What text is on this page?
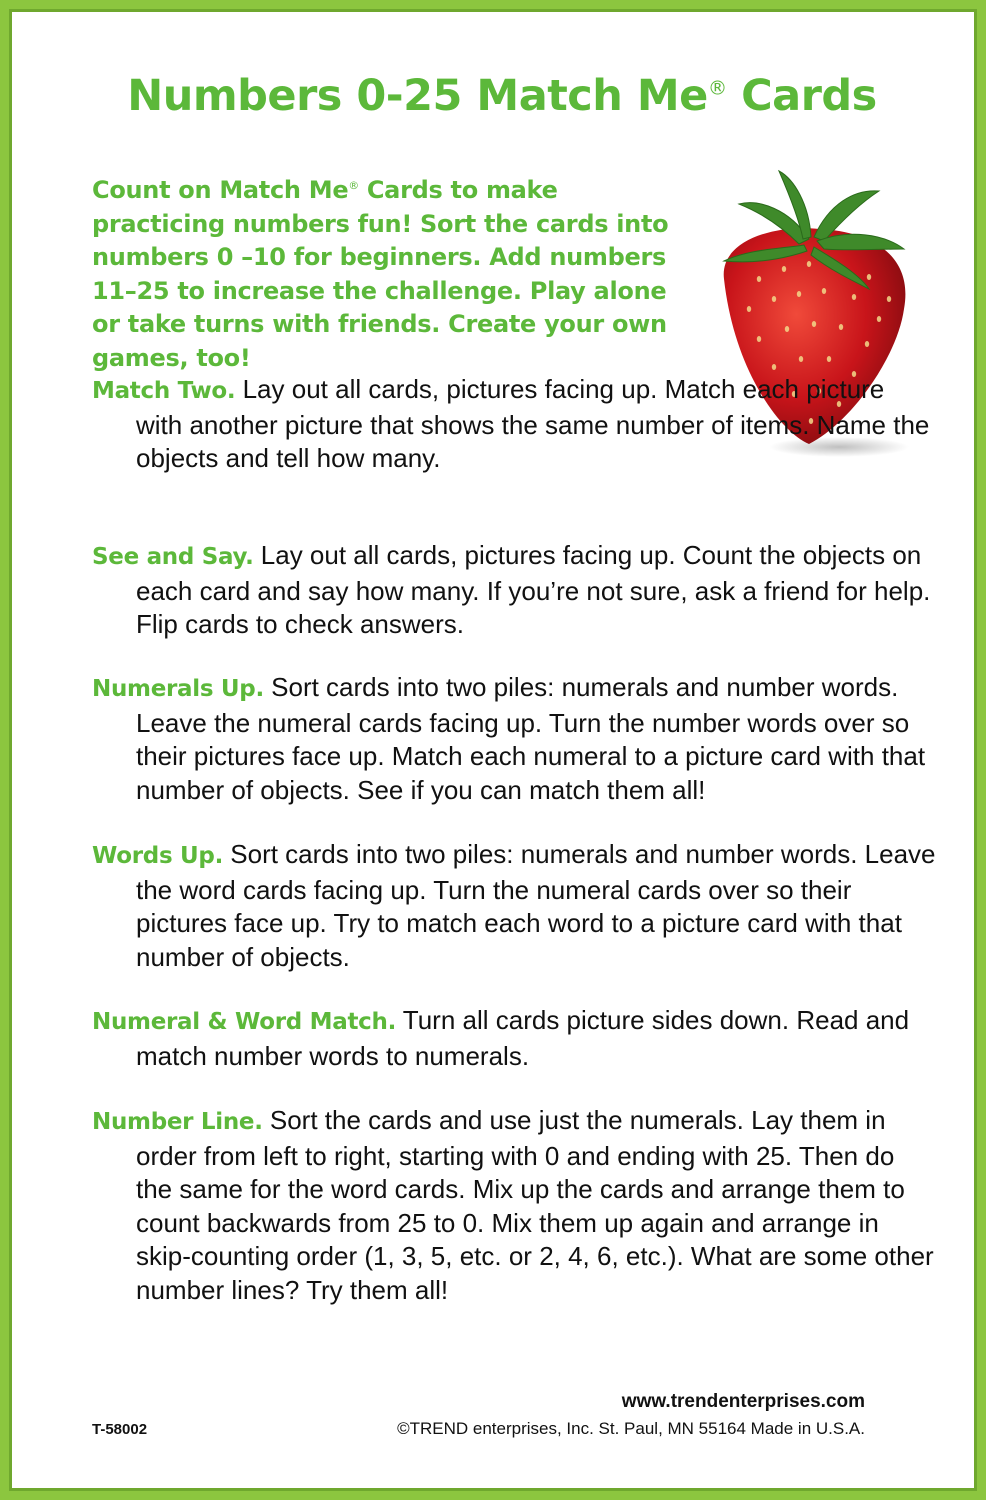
Numbers 0-25 Match Me® Cards

Count on Match Me® Cards to make practicing numbers fun! Sort the cards into numbers 0 –10 for beginners. Add numbers 11–25 to increase the challenge. Play alone or take turns with friends. Create your own games, too!

Match Two. Lay out all cards, pictures facing up. Match each picture with another picture that shows the same number of items. Name the objects and tell how many.

See and Say. Lay out all cards, pictures facing up. Count the objects on each card and say how many. If you’re not sure, ask a friend for help. Flip cards to check answers.

Numerals Up. Sort cards into two piles: numerals and number words. Leave the numeral cards facing up. Turn the number words over so their pictures face up. Match each numeral to a picture card with that number of objects. See if you can match them all!

Words Up. Sort cards into two piles: numerals and number words. Leave the word cards facing up. Turn the numeral cards over so their pictures face up. Try to match each word to a picture card with that number of objects.

Numeral & Word Match. Turn all cards picture sides down. Read and match number words to numerals.

Number Line. Sort the cards and use just the numerals. Lay them in order from left to right, starting with 0 and ending with 25. Then do the same for the word cards. Mix up the cards and arrange them to count backwards from 25 to 0. Mix them up again and arrange in skip-counting order (1, 3, 5, etc. or 2, 4, 6, etc.). What are some other number lines? Try them all!

www.trendenterprises.com
T-58002	©TREND enterprises, Inc. St. Paul, MN 55164 Made in U.S.A.
